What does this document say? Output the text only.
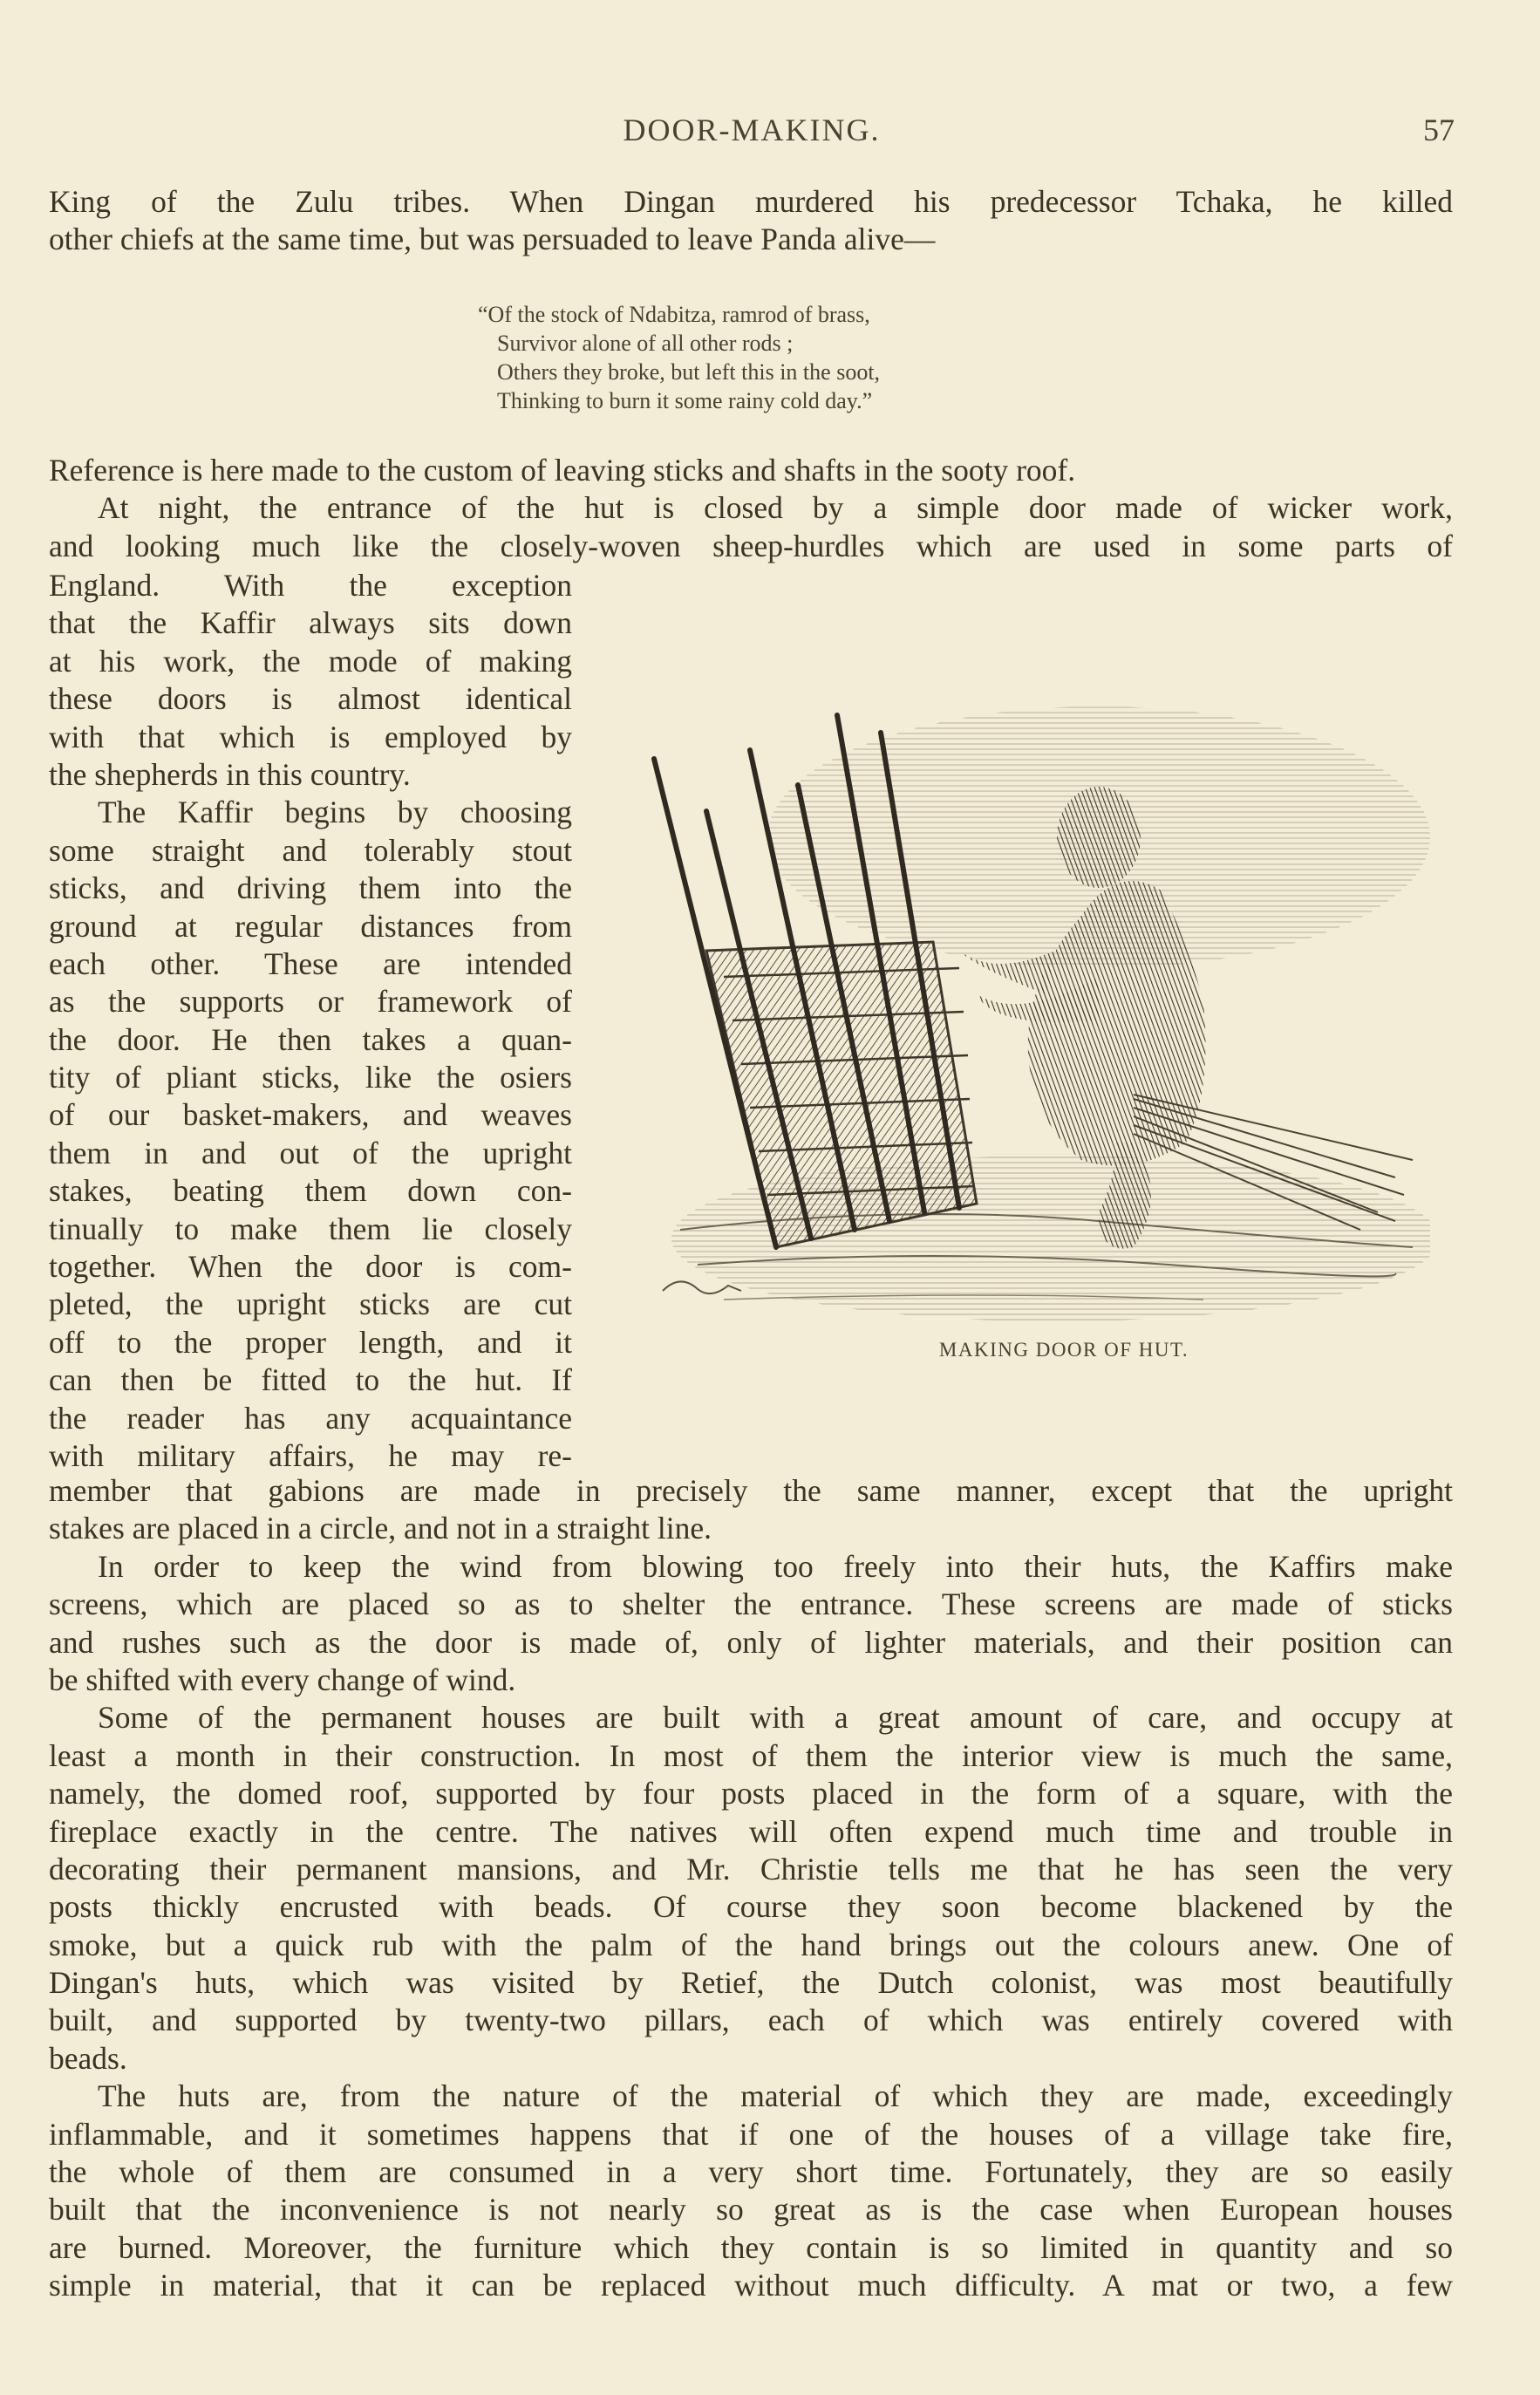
DOOR-MAKING.	57
King of the Zulu tribes. When Dingan murdered his predecessor Tchaka, he killed
other chiefs at the same time, but was persuaded to leave Panda alive—
“Of the stock of Ndabitza, ramrod of brass,
Survivor alone of all other rods ;
Others they broke, but left this in the soot,
Thinking to burn it some rainy cold day.”
Reference is here made to the custom of leaving sticks and shafts in the sooty roof.
At night, the entrance of the hut is closed by a simple door made of wicker work,
and looking much like the closely-woven sheep-hurdles which are used in some parts of
England. With the exception
that the Kaffir always sits down
at his work, the mode of making
these doors is almost identical
with that which is employed by
the shepherds in this country.
The Kaffir begins by choosing
some straight and tolerably stout
sticks, and driving them into the
ground at regular distances from
each other. These are intended
as the supports or framework of
the door. He then takes a quan-
tity of pliant sticks, like the osiers
of our basket-makers, and weaves
them in and out of the upright
stakes, beating them down con-
tinually to make them lie closely
together. When the door is com-
pleted, the upright sticks are cut
off to the proper length, and it
can then be fitted to the hut. If
the reader has any acquaintance
with military affairs, he may re-
MAKING DOOR OF HUT.
member that gabions are made in precisely the same manner, except that the upright
stakes are placed in a circle, and not in a straight line.
In order to keep the wind from blowing too freely into their huts, the Kaffirs make
screens, which are placed so as to shelter the entrance. These screens are made of sticks
and rushes such as the door is made of, only of lighter materials, and their position can
be shifted with every change of wind.
Some of the permanent houses are built with a great amount of care, and occupy at
least a month in their construction. In most of them the interior view is much the same,
namely, the domed roof, supported by four posts placed in the form of a square, with the
fireplace exactly in the centre. The natives will often expend much time and trouble in
decorating their permanent mansions, and Mr. Christie tells me that he has seen the very
posts thickly encrusted with beads. Of course they soon become blackened by the
smoke, but a quick rub with the palm of the hand brings out the colours anew. One of
Dingan's huts, which was visited by Retief, the Dutch colonist, was most beautifully
built, and supported by twenty-two pillars, each of which was entirely covered with
beads.
The huts are, from the nature of the material of which they are made, exceedingly
inflammable, and it sometimes happens that if one of the houses of a village take fire,
the whole of them are consumed in a very short time. Fortunately, they are so easily
built that the inconvenience is not nearly so great as is the case when European houses
are burned. Moreover, the furniture which they contain is so limited in quantity and so
simple in material, that it can be replaced without much difficulty. A mat or two, a few
